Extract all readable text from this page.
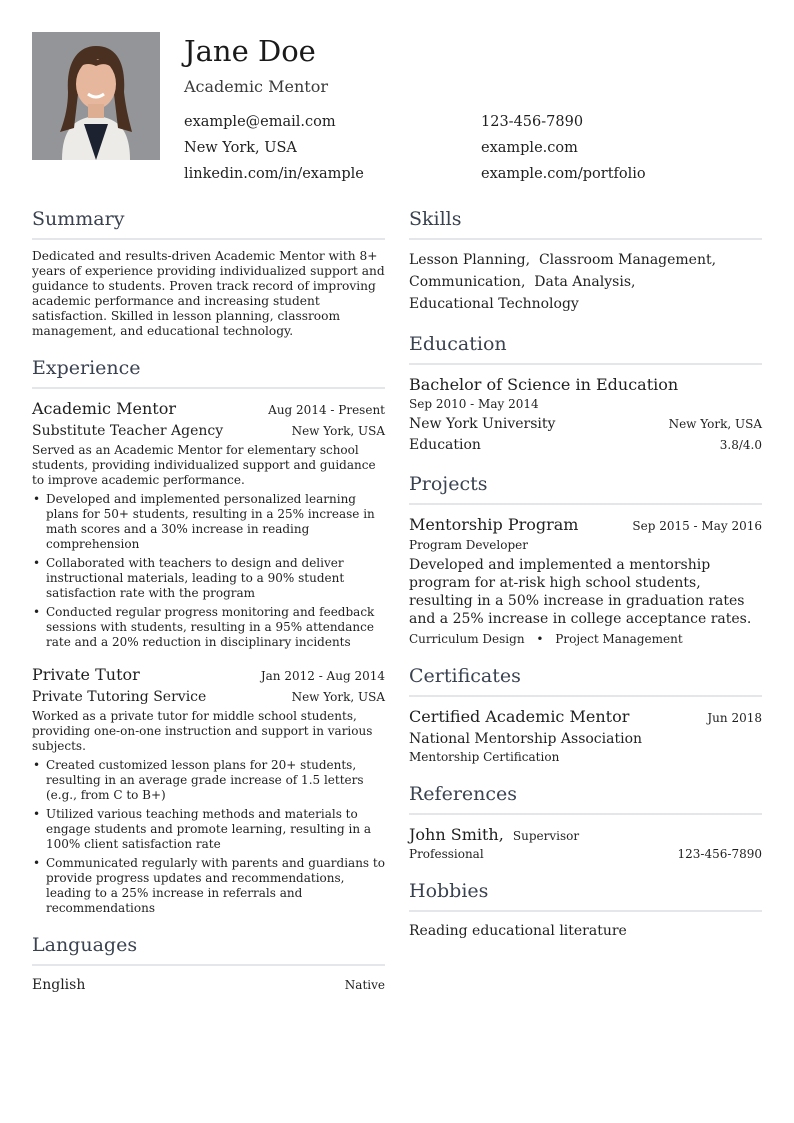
Jane Doe
Academic Mentor
example@email.com	123-456-7890
New York, USA	example.com
linkedin.com/in/example	example.com/portfolio
Summary

Dedicated and results-driven Academic Mentor with 8+ years of experience providing individualized support and guidance to students. Proven track record of improving academic performance and increasing student satisfaction. Skilled in lesson planning, classroom management, and educational technology.

Experience
Academic Mentor	Aug 2014 - Present
Substitute Teacher Agency	New York, USA

Served as an Academic Mentor for elementary school students, providing individualized support and guidance to improve academic performance.

• Developed and implemented personalized learning plans for 50+ students, resulting in a 25% increase in math scores and a 30% increase in reading comprehension
• Collaborated with teachers to design and deliver instructional materials, leading to a 90% student satisfaction rate with the program
• Conducted regular progress monitoring and feedback sessions with students, resulting in a 95% attendance rate and a 20% reduction in disciplinary incidents
Private Tutor	Jan 2012 - Aug 2014
Private Tutoring Service	New York, USA

Worked as a private tutor for middle school students, providing one-on-one instruction and support in various subjects.

• Created customized lesson plans for 20+ students, resulting in an average grade increase of 1.5 letters (e.g., from C to B+)
• Utilized various teaching methods and materials to engage students and promote learning, resulting in a 100% client satisfaction rate
• Communicated regularly with parents and guardians to provide progress updates and recommendations, leading to a 25% increase in referrals and recommendations
Languages
English	Native
Skills
Lesson Planning, Classroom Management,
Communication, Data Analysis,
Educational Technology
Education
Bachelor of Science in Education
Sep 2010 - May 2014
New York University	New York, USA
Education	3.8/4.0
Projects
Mentorship Program	Sep 2015 - May 2016
Program Developer

Developed and implemented a mentorship program for at-risk high school students, resulting in a 50% increase in graduation rates and a 25% increase in college acceptance rates.

Curriculum Design • Project Management
Certificates
Certified Academic Mentor	Jun 2018
National Mentorship Association
Mentorship Certification
References
John Smith, Supervisor
Professional	123-456-7890
Hobbies
Reading educational literature
